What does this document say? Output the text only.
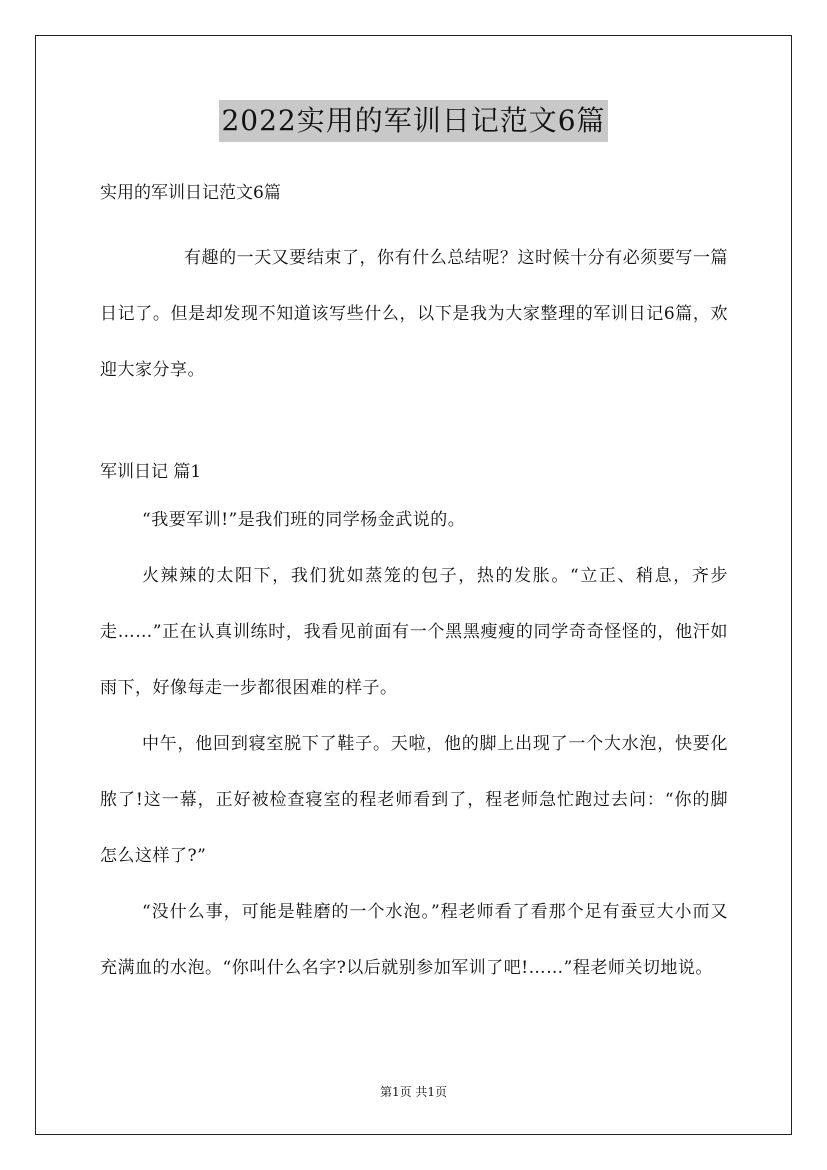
2022实用的军训日记范文6篇

实用的军训日记范文6篇

有趣的一天又要结束了，你有什么总结呢？这时候十分有必须要写一篇日记了。但是却发现不知道该写些什么，以下是我为大家整理的军训日记6篇，欢迎大家分享。

军训日记 篇1

“我要军训!”是我们班的同学杨金武说的。

火辣辣的太阳下，我们犹如蒸笼的包子，热的发胀。“立正、稍息，齐步走……”正在认真训练时，我看见前面有一个黑黑瘦瘦的同学奇奇怪怪的，他汗如雨下，好像每走一步都很困难的样子。

中午，他回到寝室脱下了鞋子。天啦，他的脚上出现了一个大水泡，快要化脓了!这一幕，正好被检查寝室的程老师看到了，程老师急忙跑过去问：“你的脚怎么这样了?”

“没什么事，可能是鞋磨的一个水泡。”程老师看了看那个足有蚕豆大小而又充满血的水泡。“你叫什么名字?以后就别参加军训了吧!……”程老师关切地说。

第1页 共1页
